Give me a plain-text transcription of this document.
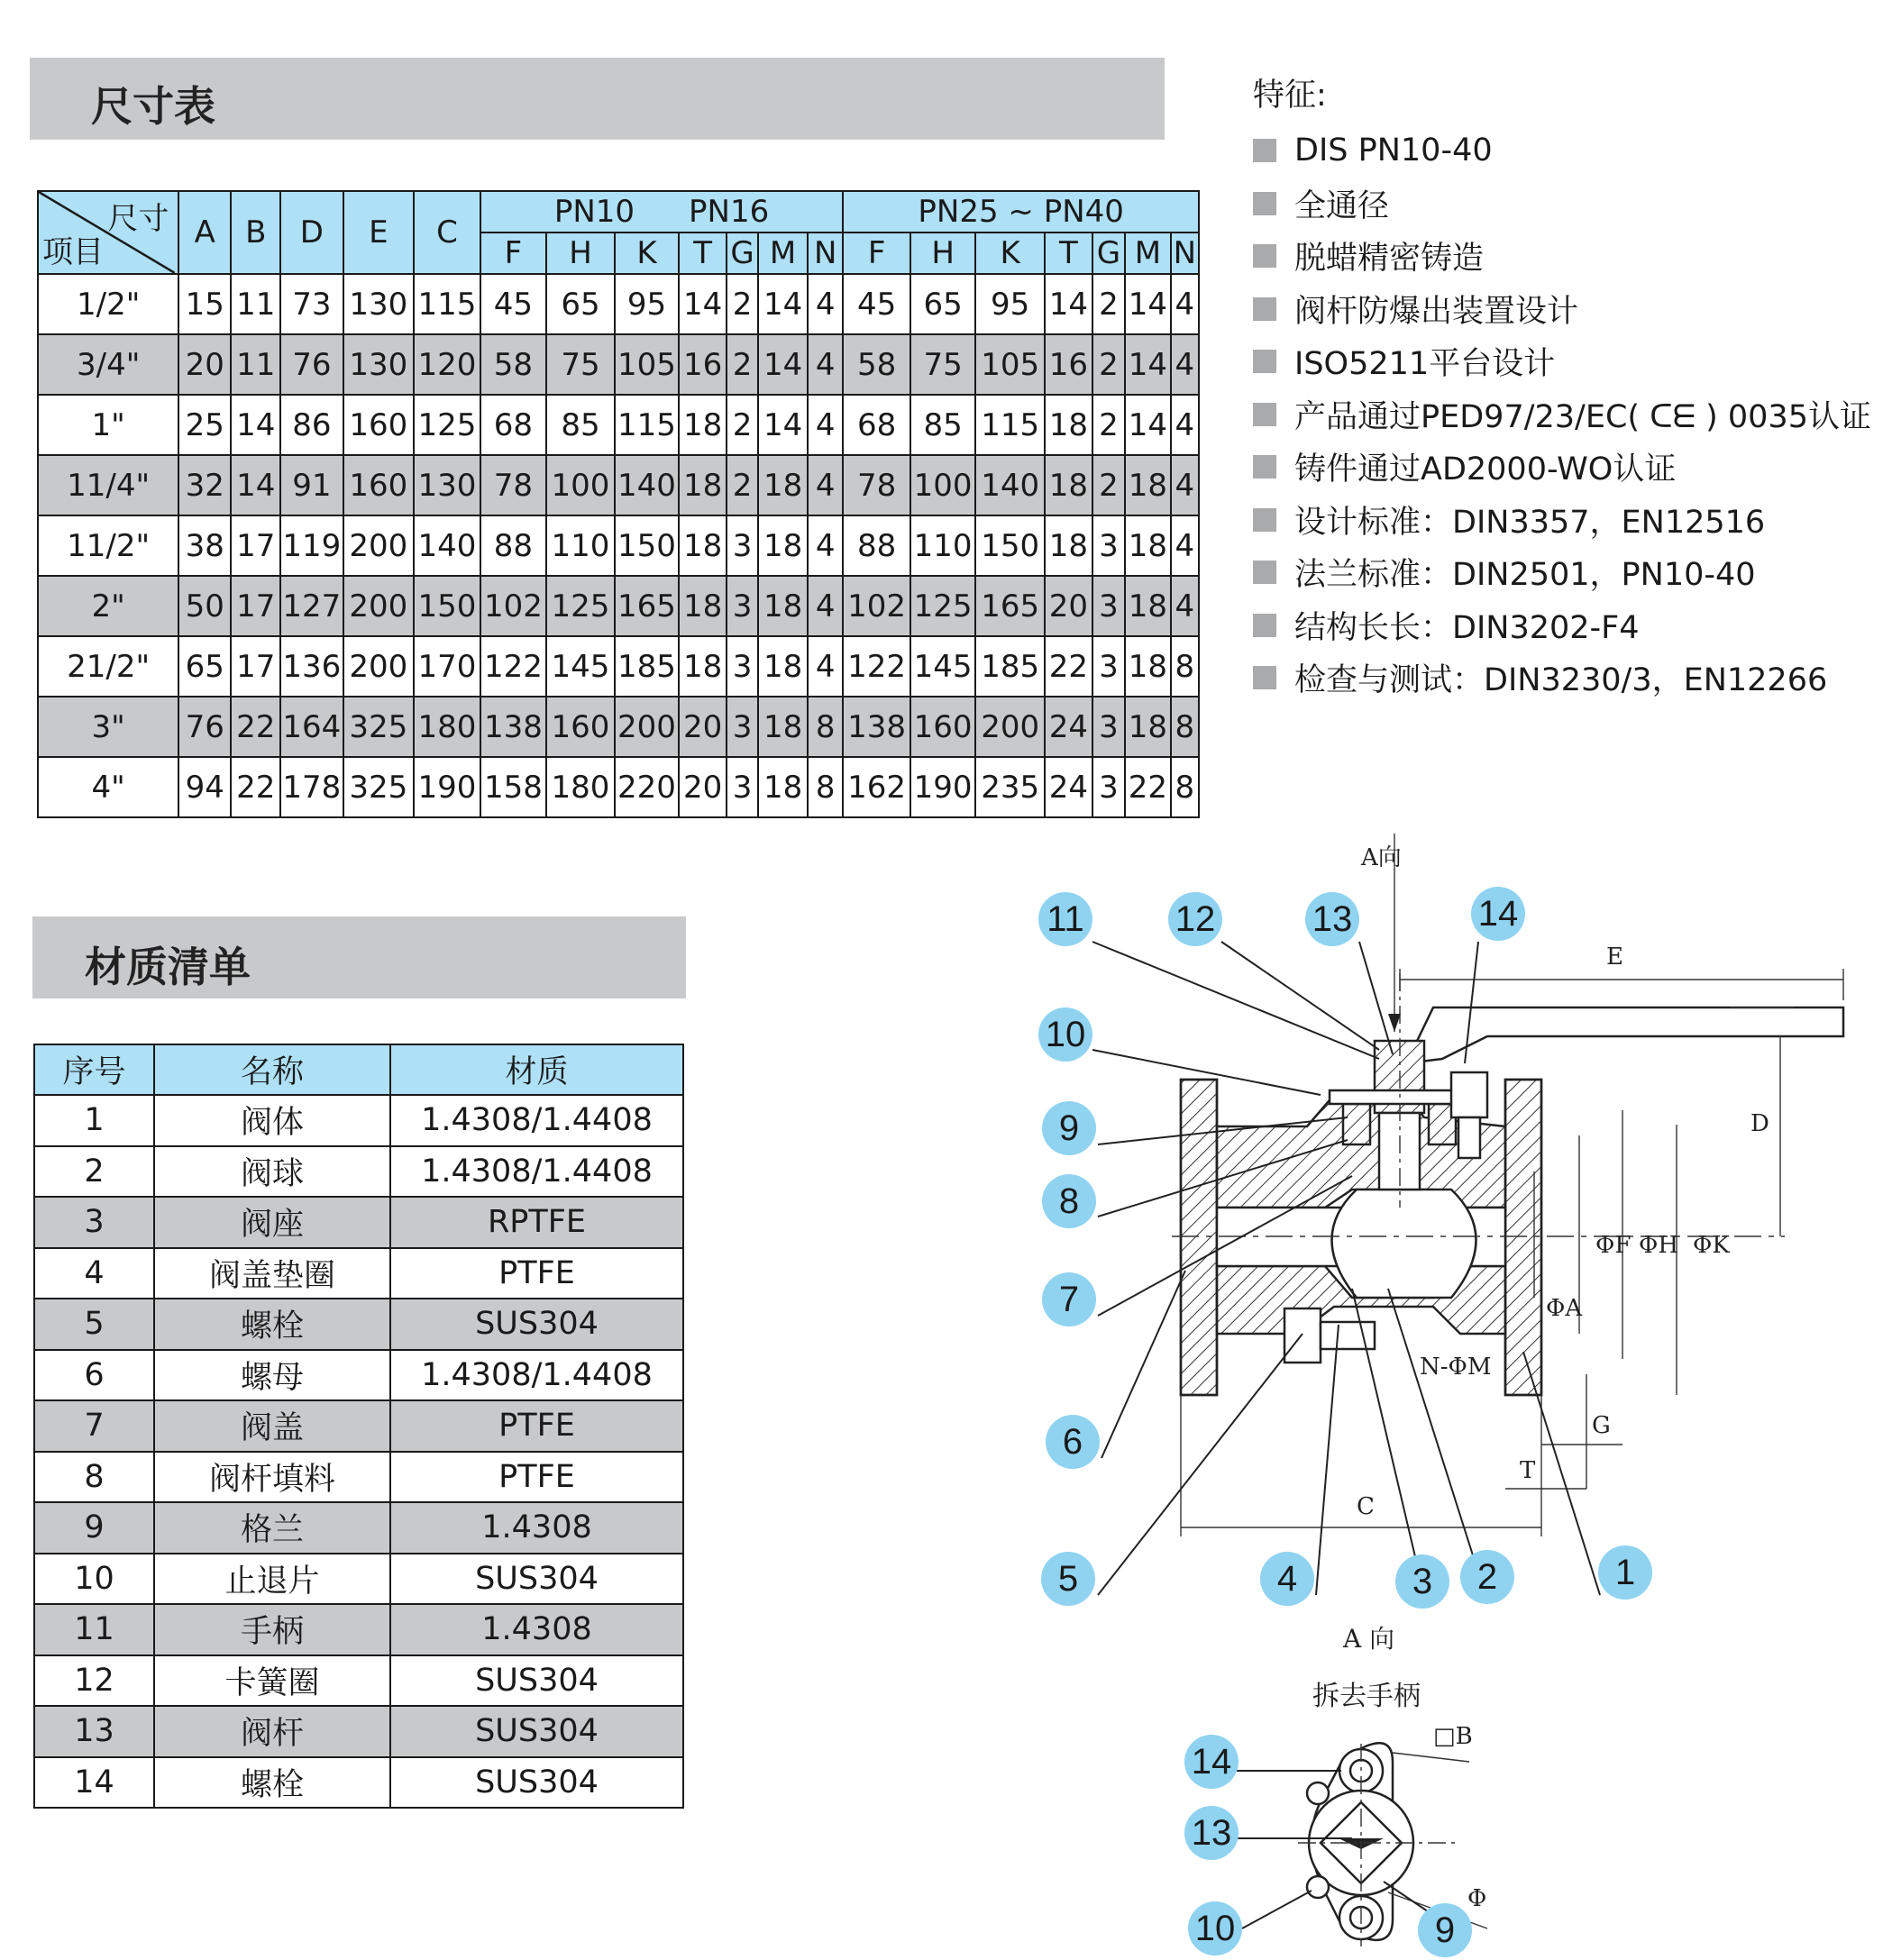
尺寸表
尺寸
项目	A	B	D	E	C	PN10 PN16							PN25 ~ PN40						
						F	H	K	T	G	M	N	F	H	K	T	G	M	N
1/2"	15	11	73	130	115	45	65	95	14	2	14	4	45	65	95	14	2	14	4
3/4"	20	11	76	130	120	58	75	105	16	2	14	4	58	75	105	16	2	14	4
1"	25	14	86	160	125	68	85	115	18	2	14	4	68	85	115	18	2	14	4
11/4"	32	14	91	160	130	78	100	140	18	2	18	4	78	100	140	18	2	18	4
11/2"	38	17	119	200	140	88	110	150	18	3	18	4	88	110	150	18	3	18	4
2"	50	17	127	200	150	102	125	165	18	3	18	4	102	125	165	20	3	18	4
21/2"	65	17	136	200	170	122	145	185	18	3	18	4	122	145	185	22	3	18	8
3"	76	22	164	325	180	138	160	200	20	3	18	8	138	160	200	24	3	18	8
4"	94	22	178	325	190	158	180	220	20	3	18	8	162	190	235	24	3	22	8
特征:
DIS PN10-40
全通径
脱蜡精密铸造
阀杆防爆出装置设计
ISO5211平台设计
产品通过PED97/23/EC( ᑕᗴ ) 0035认证
铸件通过AD2000-WO认证
设计标准：DIN3357，EN12516
法兰标准：DIN2501，PN10-40
结构长长：DIN3202-F4
检查与测试：DIN3230/3，EN12266
材质清单
序号	名称	材质
1	阀体	1.4308/1.4408
2	阀球	1.4308/1.4408
3	阀座	RPTFE
4	阀盖垫圈	PTFE
5	螺栓	SUS304
6	螺母	1.4308/1.4408
7	阀盖	PTFE
8	阀杆填料	PTFE
9	格兰	1.4308
10	止退片	SUS304
11	手柄	1.4308
12	卡簧圈	SUS304
13	阀杆	SUS304
14	螺栓	SUS304
E
D
C
G
T
ΦF ΦH ΦK
ΦA
N-ΦM
A向
11	12	13	14
10
9
8
7
6
5	4	3 2	1
A 向
拆去手柄
□B
Φ
14
13
10	9
